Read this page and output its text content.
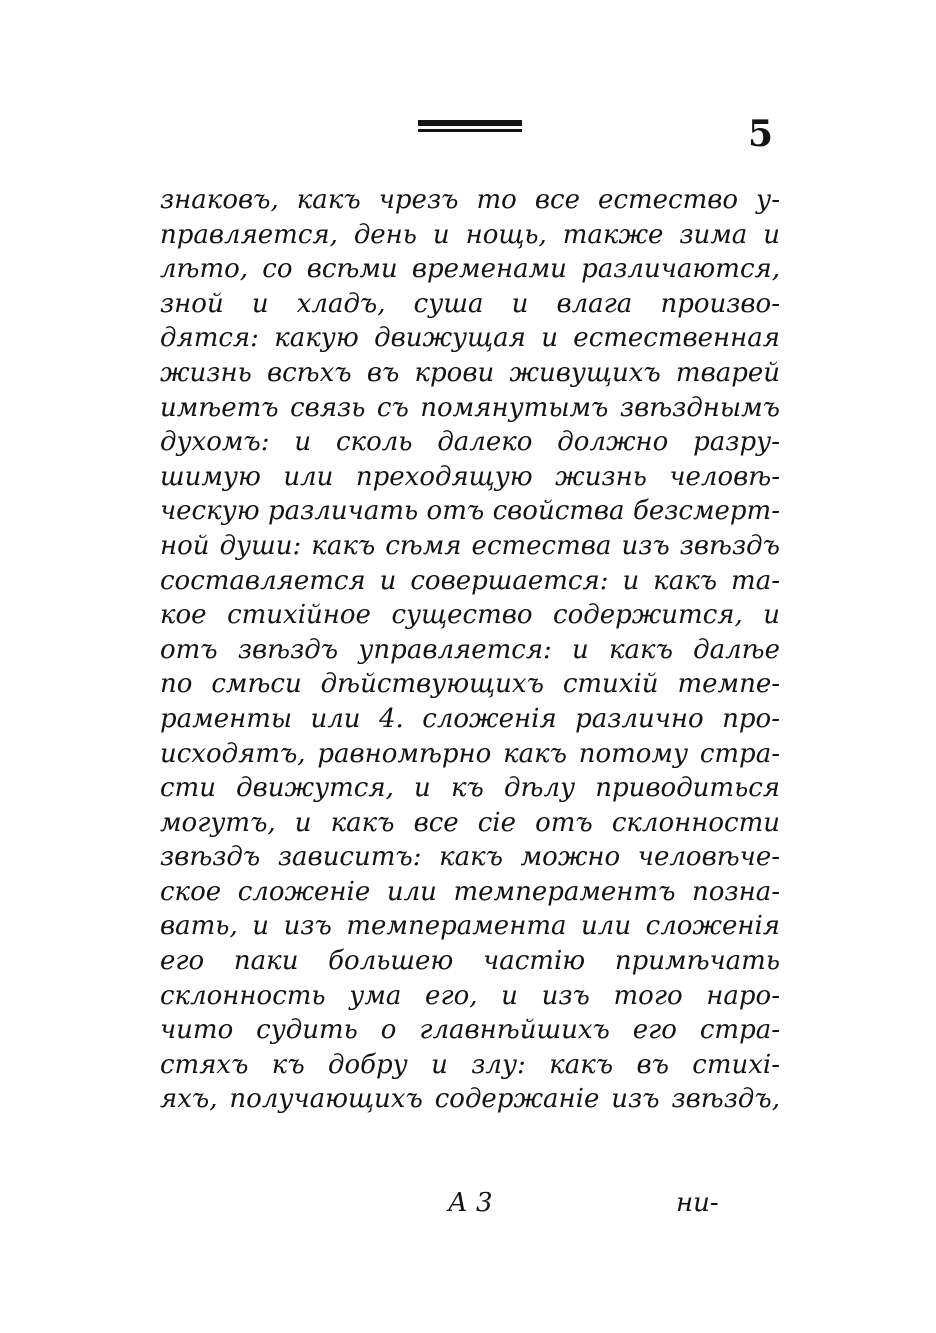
5
знаковъ, какъ чрезъ то все естество у-
правляется, день и нощь, также зима и
лѣто, со всѣми временами различаются,
зной и хладъ, суша и влага произво-
дятся: какую движущая и естественная
жизнь всѣхъ въ крови живущихъ тварей
имѣетъ связь съ помянутымъ звѣзднымъ
духомъ: и сколь далеко должно разру-
шимую или преходящую жизнь человѣ-
ческую различать отъ свойства безсмерт-
ной души: какъ сѣмя естества изъ звѣздъ
составляется и совершается: и какъ та-
кое стихійное существо содержится, и
отъ звѣздъ управляется: и какъ далѣе
по смѣси дѣйствующихъ стихій темпе-
раменты или 4. сложенія различно про-
исходятъ, равномѣрно какъ потому стра-
сти движутся, и къ дѣлу приводиться
могутъ, и какъ все сіе отъ склонности
звѣздъ зависитъ: какъ можно человѣче-
ское сложеніе или темпераментъ позна-
вать, и изъ темперамента или сложенія
его паки большею частію примѣчать
склонность ума его, и изъ того наро-
чито судить о главнѣйшихъ его стра-
стяхъ къ добру и злу: какъ въ стихі-
яхъ, получающихъ содержаніе изъ звѣздъ,
А 3	ни-
